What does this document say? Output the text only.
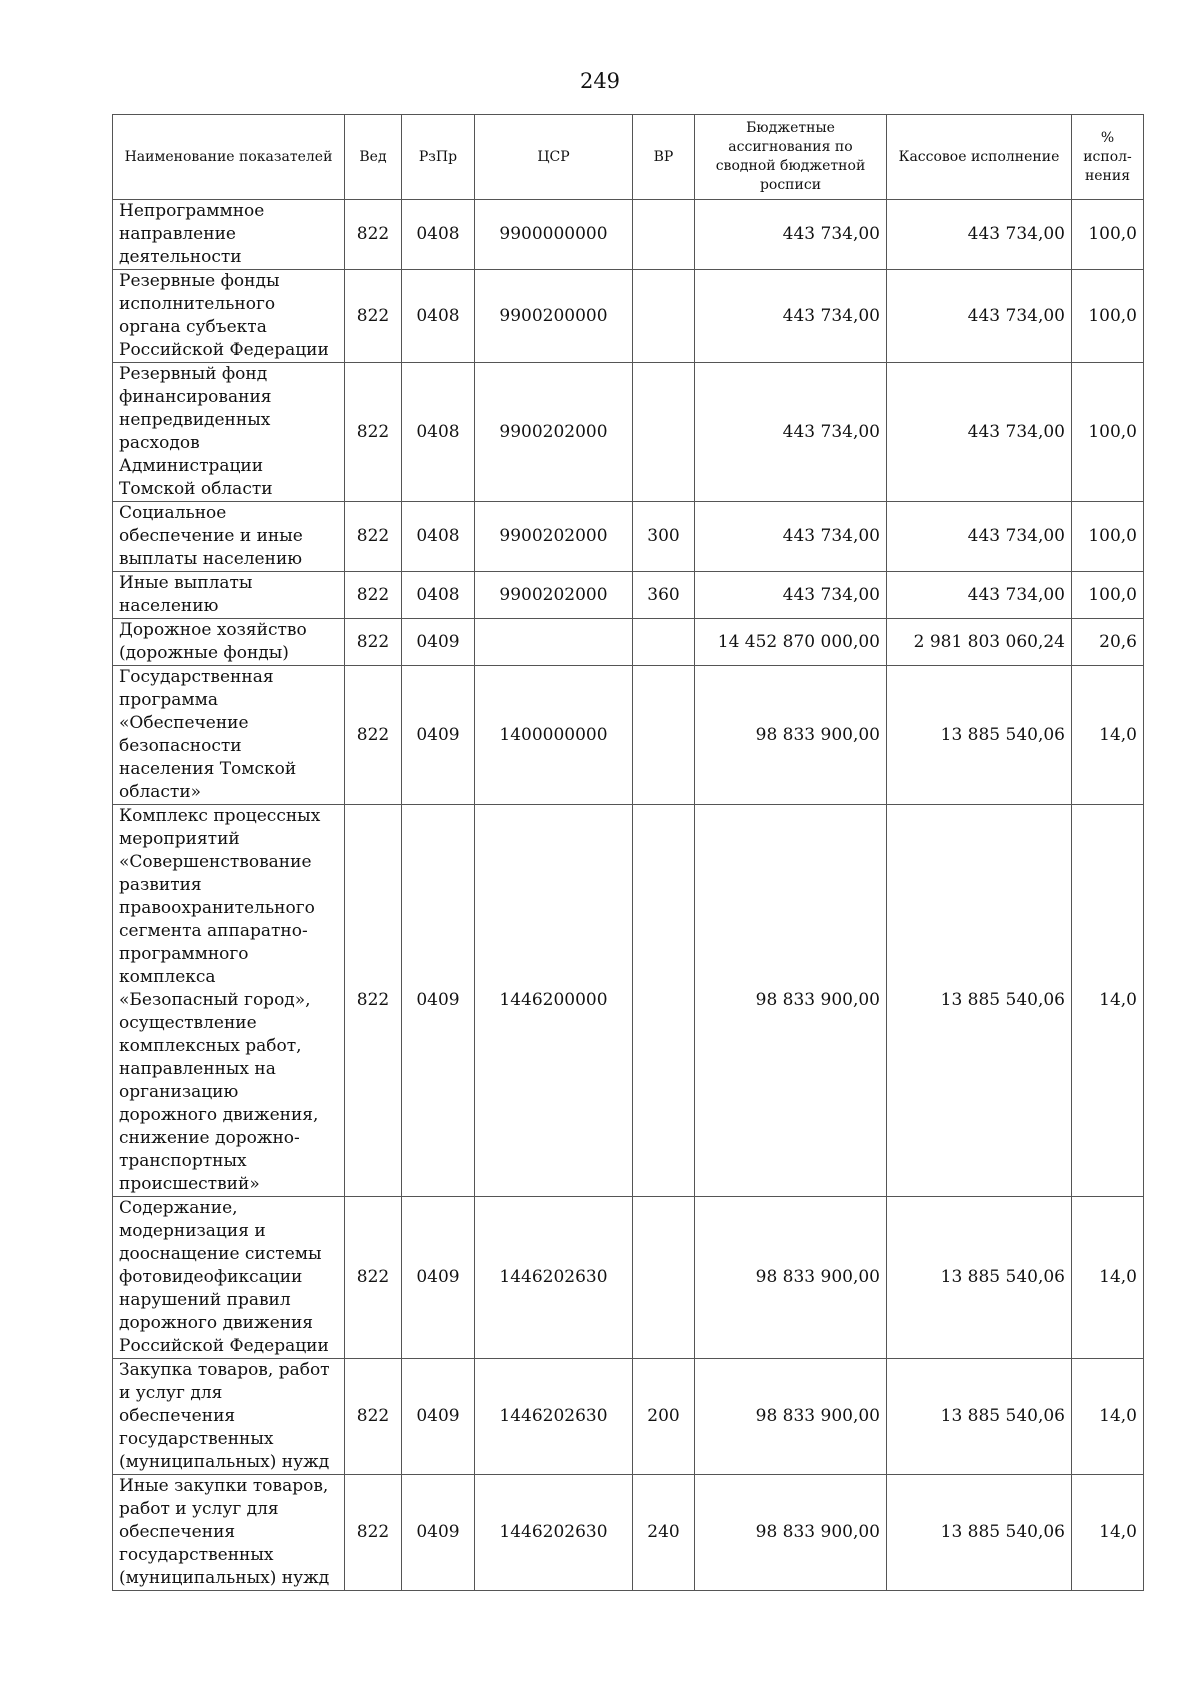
249
Наименование показателей	Вед	РзПр	ЦСР	ВР	Бюджетные ассигнования по сводной бюджетной росписи	Кассовое исполнение	% испол-нения
Непрограммное направление деятельности	822	0408	9900000000		443 734,00	443 734,00	100,0
Резервные фонды исполнительного органа субъекта Российской Федерации	822	0408	9900200000		443 734,00	443 734,00	100,0
Резервный фонд финансирования непредвиденных расходов Администрации Томской области	822	0408	9900202000		443 734,00	443 734,00	100,0
Социальное обеспечение и иные выплаты населению	822	0408	9900202000	300	443 734,00	443 734,00	100,0
Иные выплаты населению	822	0408	9900202000	360	443 734,00	443 734,00	100,0
Дорожное хозяйство (дорожные фонды)	822	0409			14 452 870 000,00	2 981 803 060,24	20,6
Государственная программа «Обеспечение безопасности населения Томской области»	822	0409	1400000000		98 833 900,00	13 885 540,06	14,0
Комплекс процессных мероприятий «Совершенствование развития правоохранительного сегмента аппаратно-программного комплекса «Безопасный город», осуществление комплексных работ, направленных на организацию дорожного движения, снижение дорожно-транспортных происшествий»	822	0409	1446200000		98 833 900,00	13 885 540,06	14,0
Содержание, модернизация и дооснащение системы фотовидеофиксации нарушений правил дорожного движения Российской Федерации	822	0409	1446202630		98 833 900,00	13 885 540,06	14,0
Закупка товаров, работ и услуг для обеспечения государственных (муниципальных) нужд	822	0409	1446202630	200	98 833 900,00	13 885 540,06	14,0
Иные закупки товаров, работ и услуг для обеспечения государственных (муниципальных) нужд	822	0409	1446202630	240	98 833 900,00	13 885 540,06	14,0
